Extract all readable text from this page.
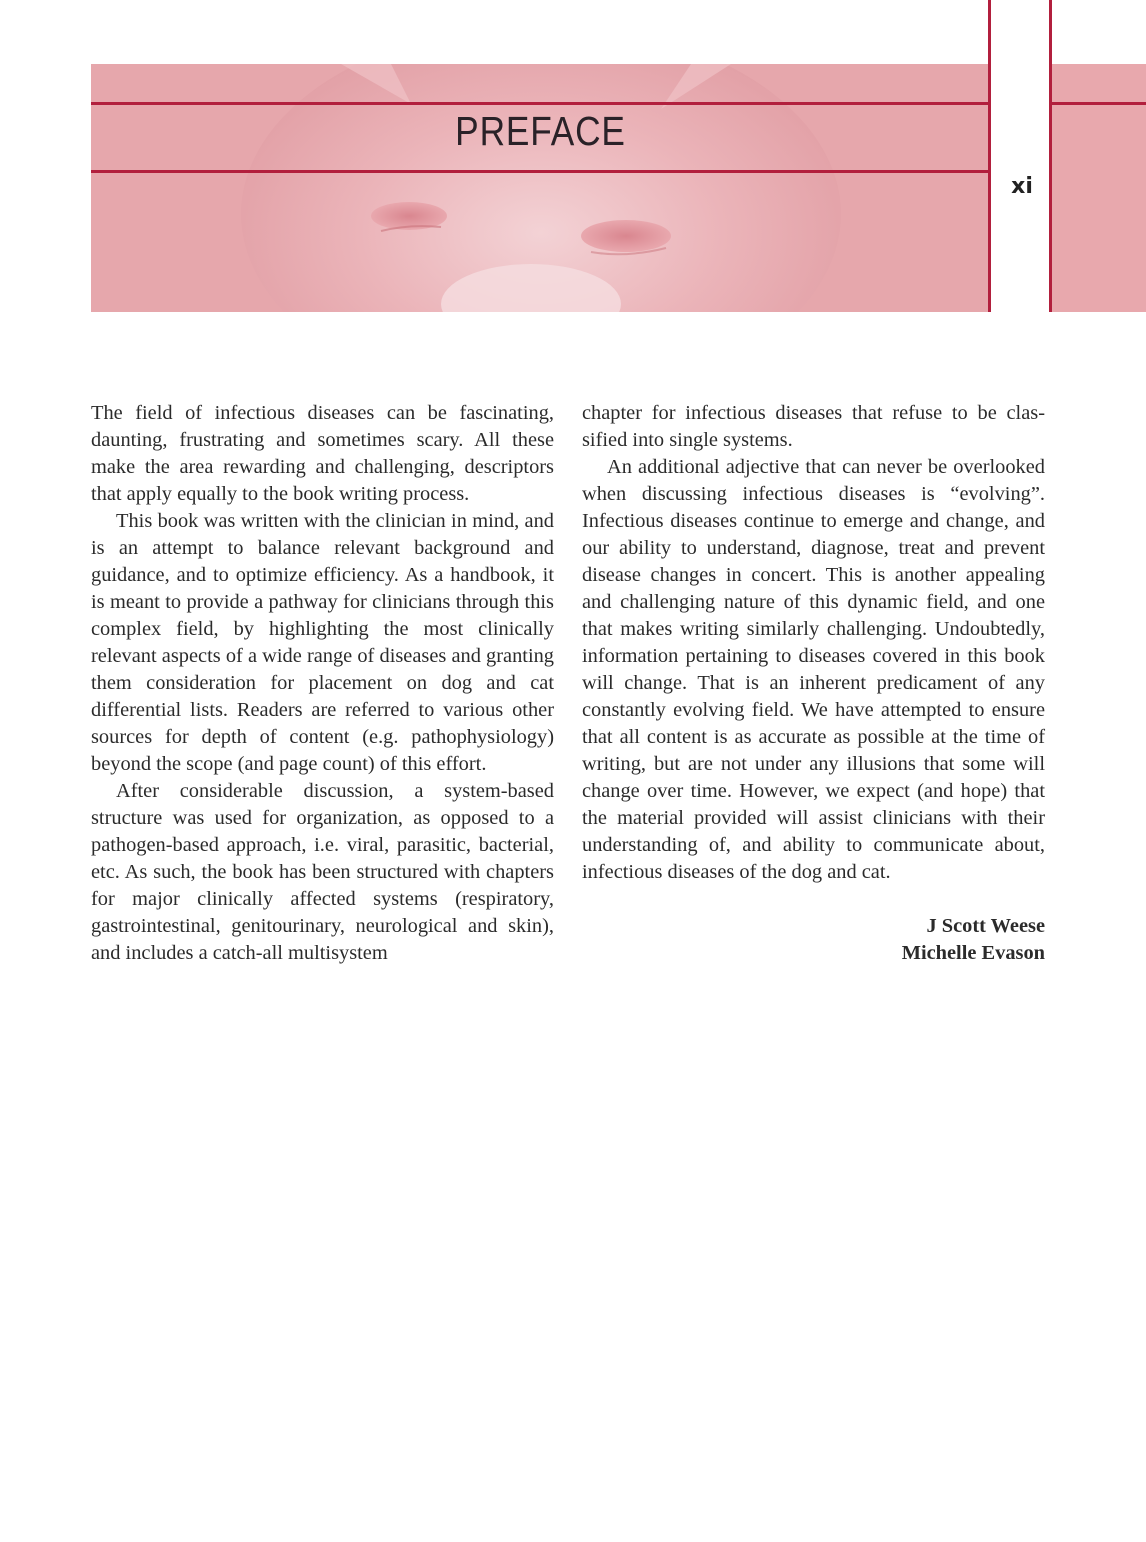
PREFACE
xi

The field of infectious diseases can be fascinating, daunting, frustrating and sometimes scary. All these make the area rewarding and challenging, descriptors that apply equally to the book writing process.

This book was written with the clinician in mind, and is an attempt to balance relevant background and guidance, and to optimize efficiency. As a handbook, it is meant to provide a pathway for clinicians through this complex field, by highlighting the most clinically relevant aspects of a wide range of diseases and granting them consideration for placement on dog and cat differential lists. Readers are referred to various other sources for depth of content (e.g. pathophysiology) beyond the scope (and page count) of this effort.

After considerable discussion, a system-based structure was used for organization, as opposed to a pathogen-based approach, i.e. viral, parasitic, bacterial, etc. As such, the book has been structured with chapters for major clinically affected systems (respiratory, gastrointestinal, genitourinary, neurological and skin), and includes a catch-all multisystem

chapter for infectious diseases that refuse to be classified into single systems.

An additional adjective that can never be overlooked when discussing infectious diseases is “evolving”. Infectious diseases continue to emerge and change, and our ability to understand, diagnose, treat and prevent disease changes in concert. This is another appealing and challenging nature of this dynamic field, and one that makes writing similarly challenging. Undoubtedly, information pertaining to diseases covered in this book will change. That is an inherent predicament of any constantly evolving field. We have attempted to ensure that all content is as accurate as possible at the time of writing, but are not under any illusions that some will change over time. However, we expect (and hope) that the material provided will assist clinicians with their understanding of, and ability to communicate about, infectious diseases of the dog and cat.

J Scott Weese
Michelle Evason
